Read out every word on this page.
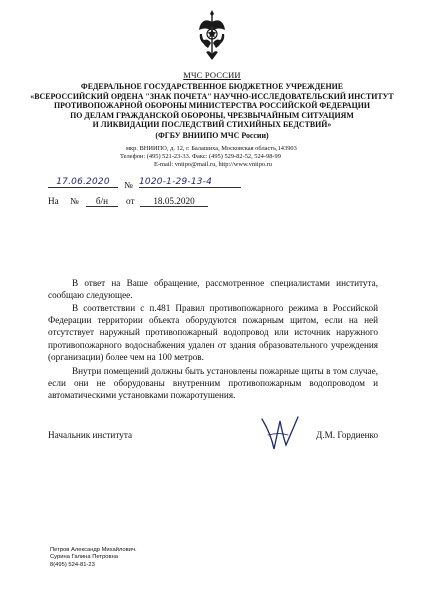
МЧС РОССИИ
ФЕДЕРАЛЬНОЕ ГОСУДАРСТВЕННОЕ БЮДЖЕТНОЕ УЧРЕЖДЕНИЕ
«ВСЕРОССИЙСКИЙ ОРДЕНА "ЗНАК ПОЧЕТА" НАУЧНО-ИССЛЕДОВАТЕЛЬСКИЙ ИНСТИТУТ
ПРОТИВОПОЖАРНОЙ ОБОРОНЫ МИНИСТЕРСТВА РОССИЙСКОЙ ФЕДЕРАЦИИ
ПО ДЕЛАМ ГРАЖДАНСКОЙ ОБОРОНЫ, ЧРЕЗВЫЧАЙНЫМ СИТУАЦИЯМ
И ЛИКВИДАЦИИ ПОСЛЕДСТВИЙ СТИХИЙНЫХ БЕДСТВИЙ»
(ФГБУ ВНИИПО МЧС России)
мкр. ВНИИПО, д. 12, г. Балашиха, Московская область,143903
Телефон: (495) 521-23-33. Факс: (495) 529-82-52, 524-98-99
E-mail: vniipo@mail.ru, http://www.vniipo.ru
17.06.2020	№ 1020-1-29-13-4
На №	б/н	от	18.05.2020
В ответ на Ваше обращение, рассмотренное специалистами института, сообщаю следующее.
В соответствии с п.481 Правил противопожарного режима в Российской Федерации территории объекта оборудуются пожарным щитом, если на ней отсутствует наружный противопожарный водопровод или источник наружного противопожарного водоснабжения удален от здания образовательного учреждения (организации) более чем на 100 метров.
Внутри помещений должны быть установлены пожарные щиты в том случае, если они не оборудованы внутренним противопожарным водопроводом и автоматическими установками пожаротушения.
Начальник института	Д.М. Гордиенко
Петров Александр Михайлович.
Сурина Галина Петровна
8(495) 524-81-23
